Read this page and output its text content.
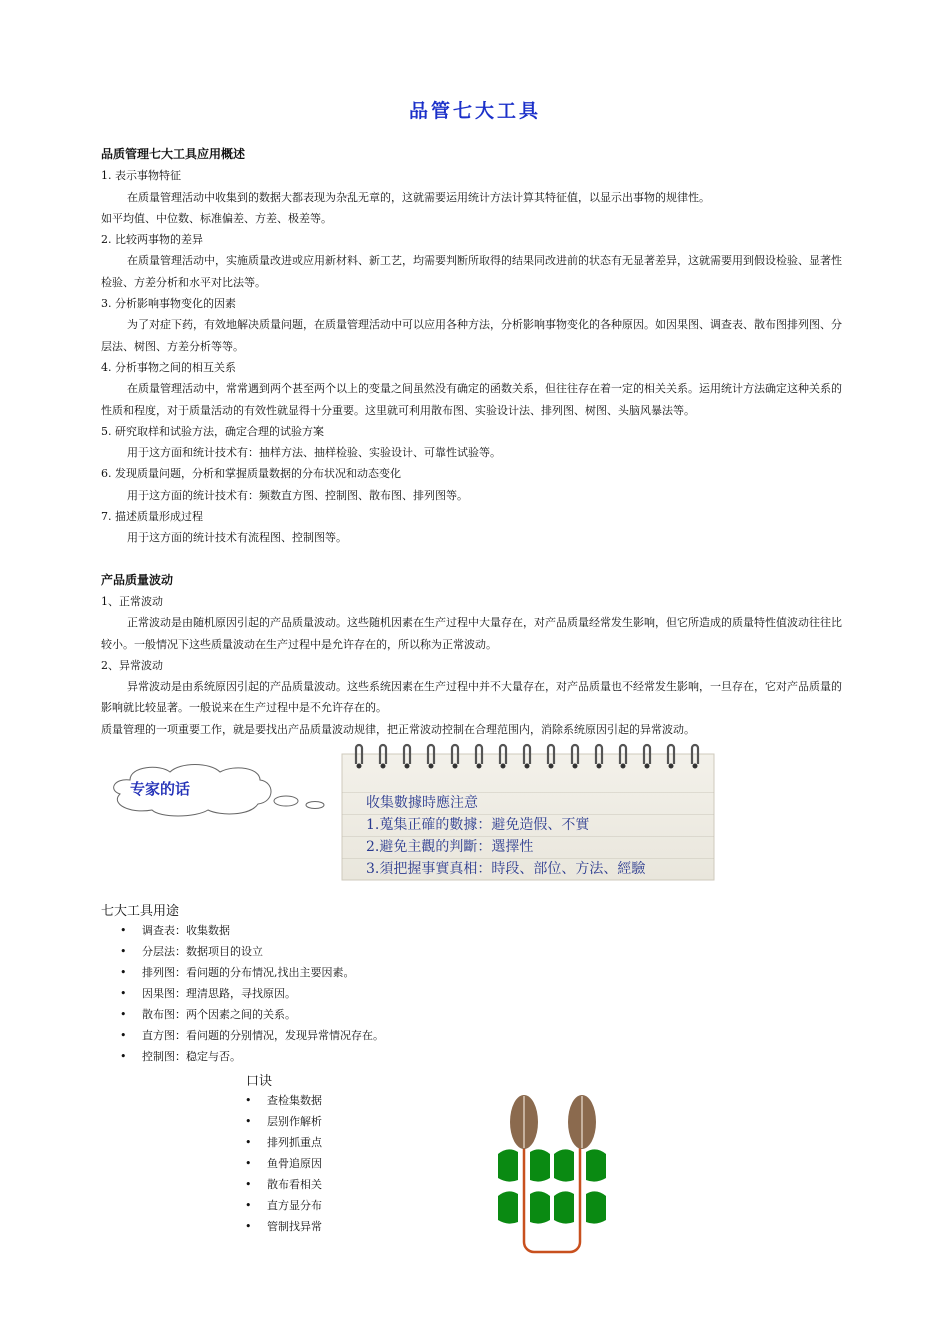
品管七大工具
品质管理七大工具应用概述
1. 表示事物特征
在质量管理活动中收集到的数据大都表现为杂乱无章的，这就需要运用统计方法计算其特征值，以显示出事物的规律性。
如平均值、中位数、标准偏差、方差、极差等。
2. 比较两事物的差异
在质量管理活动中，实施质量改进或应用新材料、新工艺，均需要判断所取得的结果同改进前的状态有无显著差异，这就需要用到假设检验、显著性检验、方差分析和水平对比法等。
3. 分析影响事物变化的因素
为了对症下药，有效地解决质量问题，在质量管理活动中可以应用各种方法，分析影响事物变化的各种原因。如因果图、调查表、散布图排列图、分层法、树图、方差分析等等。
4. 分析事物之间的相互关系
在质量管理活动中，常常遇到两个甚至两个以上的变量之间虽然没有确定的函数关系，但往往存在着一定的相关关系。运用统计方法确定这种关系的性质和程度，对于质量活动的有效性就显得十分重要。这里就可利用散布图、实验设计法、排列图、树图、头脑风暴法等。
5. 研究取样和试验方法，确定合理的试验方案
用于这方面和统计技术有：抽样方法、抽样检验、实验设计、可靠性试验等。
6. 发现质量问题，分析和掌握质量数据的分布状况和动态变化
用于这方面的统计技术有：频数直方图、控制图、散布图、排列图等。
7. 描述质量形成过程
用于这方面的统计技术有流程图、控制图等。
产品质量波动
1、正常波动
正常波动是由随机原因引起的产品质量波动。这些随机因素在生产过程中大量存在，对产品质量经常发生影响，但它所造成的质量特性值波动往往比较小。一般情况下这些质量波动在生产过程中是允许存在的，所以称为正常波动。
2、异常波动
异常波动是由系统原因引起的产品质量波动。这些系统因素在生产过程中并不大量存在，对产品质量也不经常发生影响，一旦存在，它对产品质量的影响就比较显著。一般说来在生产过程中是不允许存在的。
质量管理的一项重要工作，就是要找出产品质量波动规律，把正常波动控制在合理范围内，消除系统原因引起的异常波动。
专家的话
收集數據時應注意
1.蒐集正確的數據：避免造假、不實
2.避免主觀的判斷：選擇性
3.須把握事實真相：時段、部位、方法、經驗
七大工具用途
• 调查表：收集数据
• 分层法：数据项目的设立
• 排列图：看问题的分布情况,找出主要因素。
• 因果图：理清思路，寻找原因。
• 散布图：两个因素之间的关系。
• 直方图：看问题的分别情况，发现异常情况存在。
• 控制图：稳定与否。
口诀
• 查检集数据
• 层别作解析
• 排列抓重点
• 鱼骨追原因
• 散布看相关
• 直方显分布
• 管制找异常
